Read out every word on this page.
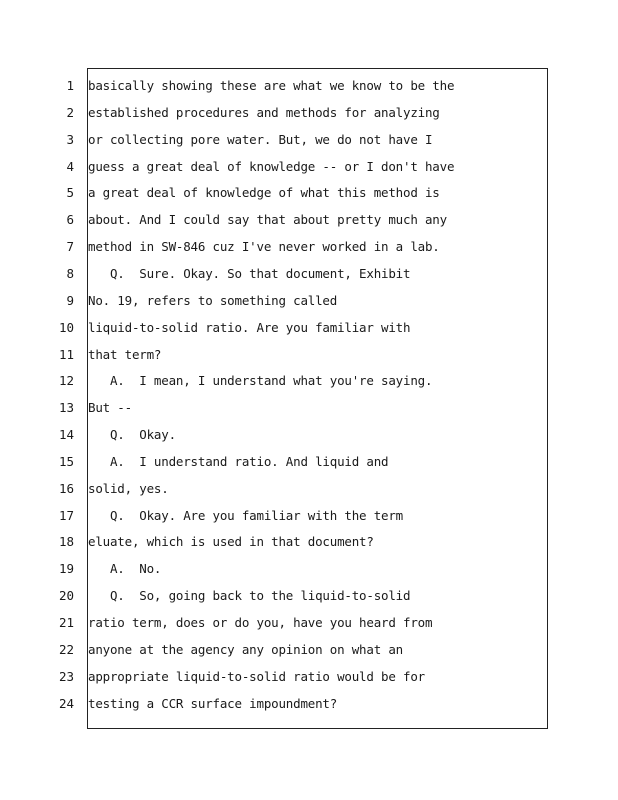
1 basically showing these are what we know to be the
2 established procedures and methods for analyzing
3 or collecting pore water. But, we do not have I
4 guess a great deal of knowledge -- or I don't have
5 a great deal of knowledge of what this method is
6 about. And I could say that about pretty much any
7 method in SW-846 cuz I've never worked in a lab.
8 Q.  Sure. Okay. So that document, Exhibit
9 No. 19, refers to something called
10 liquid-to-solid ratio. Are you familiar with
11 that term?
12 A.  I mean, I understand what you're saying.
13 But --
14 Q.  Okay.
15 A.  I understand ratio. And liquid and
16 solid, yes.
17 Q.  Okay. Are you familiar with the term
18 eluate, which is used in that document?
19 A.  No.
20 Q.  So, going back to the liquid-to-solid
21 ratio term, does or do you, have you heard from
22 anyone at the agency any opinion on what an
23 appropriate liquid-to-solid ratio would be for
24 testing a CCR surface impoundment?
